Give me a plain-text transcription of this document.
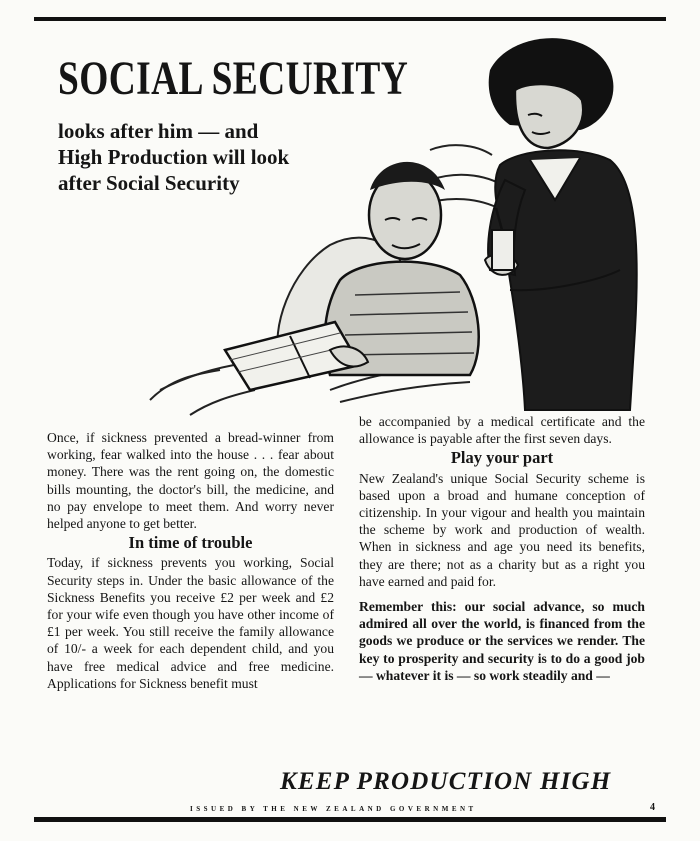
SOCIAL SECURITY
looks after him — and
High Production will look
after Social Security

Once, if sickness prevented a bread-winner from working, fear walked into the house . . . fear about money. There was the rent going on, the domestic bills mounting, the doctor's bill, the medicine, and no pay envelope to meet them. And worry never helped anyone to get better.

In time of trouble

Today, if sickness prevents you working, Social Security steps in. Under the basic allowance of the Sickness Benefits you receive £2 per week and £2 for your wife even though you have other income of £1 per week. You still receive the family allowance of 10/- a week for each dependent child, and you have free medical advice and free medicine. Applications for Sickness benefit must

be accompanied by a medical certificate and the allowance is payable after the first seven days.

Play your part

New Zealand's unique Social Security scheme is based upon a broad and humane conception of citizenship. In your vigour and health you maintain the scheme by work and production of wealth. When in sickness and age you need its benefits, they are there; not as a charity but as a right you have earned and paid for.

Remember this: our social advance, so much admired all over the world, is financed from the goods we produce or the services we render. The key to prosperity and security is to do a good job — whatever it is — so work steadily and —

KEEP PRODUCTION HIGH

ISSUED BY THE NEW ZEALAND GOVERNMENT	4
